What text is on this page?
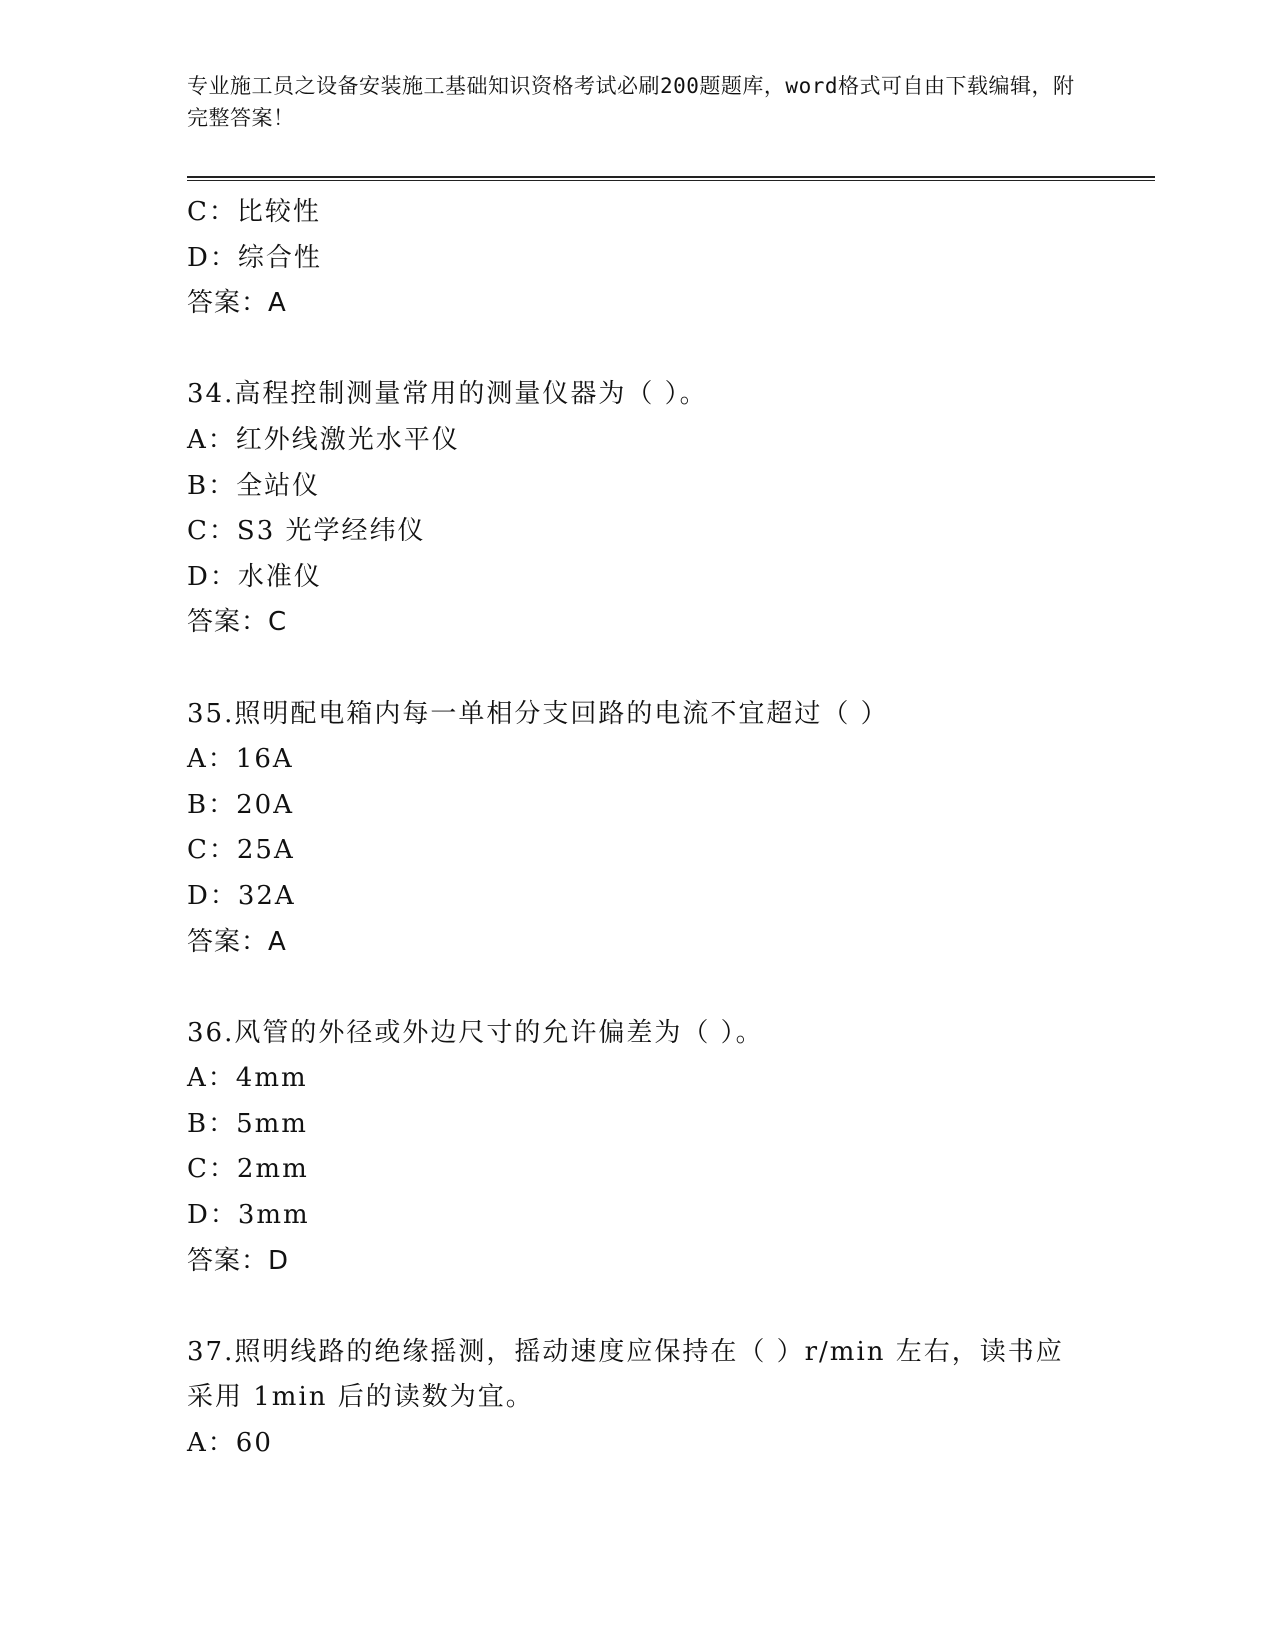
专业施工员之设备安装施工基础知识资格考试必刷200题题库，word格式可自由下载编辑，附完整答案！
C：比较性
D：综合性
答案：A
34.高程控制测量常用的测量仪器为（ ）。
A：红外线激光水平仪
B：全站仪
C：S3 光学经纬仪
D：水准仪
答案：C
35.照明配电箱内每一单相分支回路的电流不宜超过（ ）
A：16A
B：20A
C：25A
D：32A
答案：A
36.风管的外径或外边尺寸的允许偏差为（ ）。
A：4mm
B：5mm
C：2mm
D：3mm
答案：D
37.照明线路的绝缘摇测，摇动速度应保持在（ ）r/min 左右，读书应
采用 1min 后的读数为宜。
A：60
